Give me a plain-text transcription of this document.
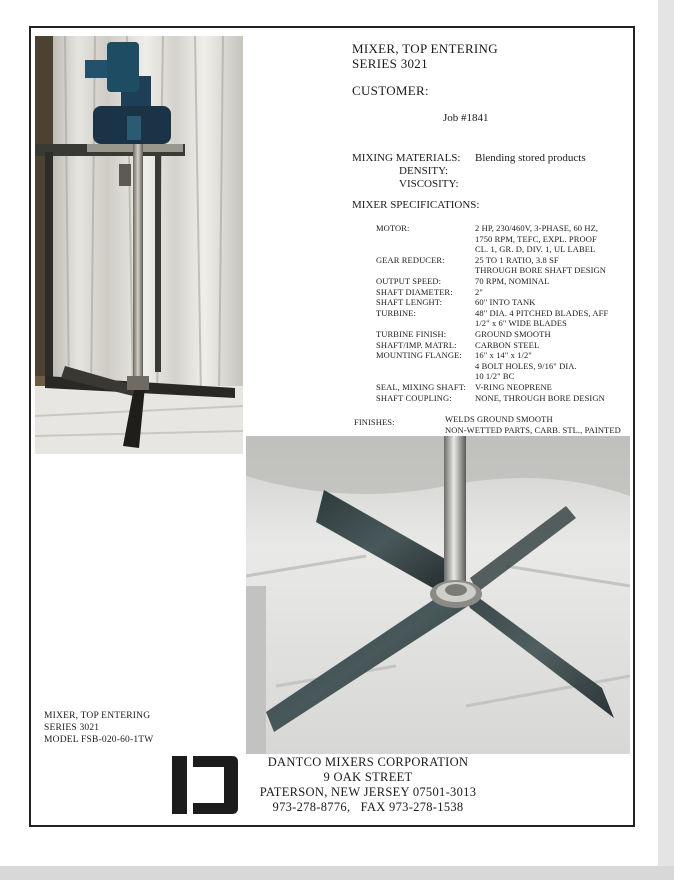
MIXER, TOP ENTERING
SERIES 3021
CUSTOMER:
Job #1841
MIXING MATERIALS: Blending stored products
DENSITY:
VISCOSITY:
MIXER SPECIFICATIONS:
MOTOR:	2 HP, 230/460V, 3-PHASE, 60 HZ,
1750 RPM, TEFC, EXPL. PROOF
CL. 1, GR. D, DIV. 1, UL LABEL
GEAR REDUCER:	25 TO 1 RATIO, 3.8 SF
THROUGH BORE SHAFT DESIGN
OUTPUT SPEED:	70 RPM, NOMINAL
SHAFT DIAMETER:	2"
SHAFT LENGHT:	60" INTO TANK
TURBINE:	48" DIA. 4 PITCHED BLADES, AFF
1/2" x 6" WIDE BLADES
TURBINE FINISH:	GROUND SMOOTH
SHAFT/IMP. MATRL: CARBON STEEL
MOUNTING FLANGE: 16" x 14" x 1/2"
4 BOLT HOLES, 9/16" DIA.
10 1/2" BC
SEAL, MIXING SHAFT: V-RING NEOPRENE
SHAFT COUPLING:	NONE, THROUGH BORE DESIGN
FINISHES:	WELDS GROUND SMOOTH
NON-WETTED PARTS, CARB. STL., PAINTED
MIXER, TOP ENTERING
SERIES 3021
MODEL FSB-020-60-1TW
DANTCO MIXERS CORPORATION
9 OAK STREET
PATERSON, NEW JERSEY 07501-3013
973-278-8776,   FAX 973-278-1538
